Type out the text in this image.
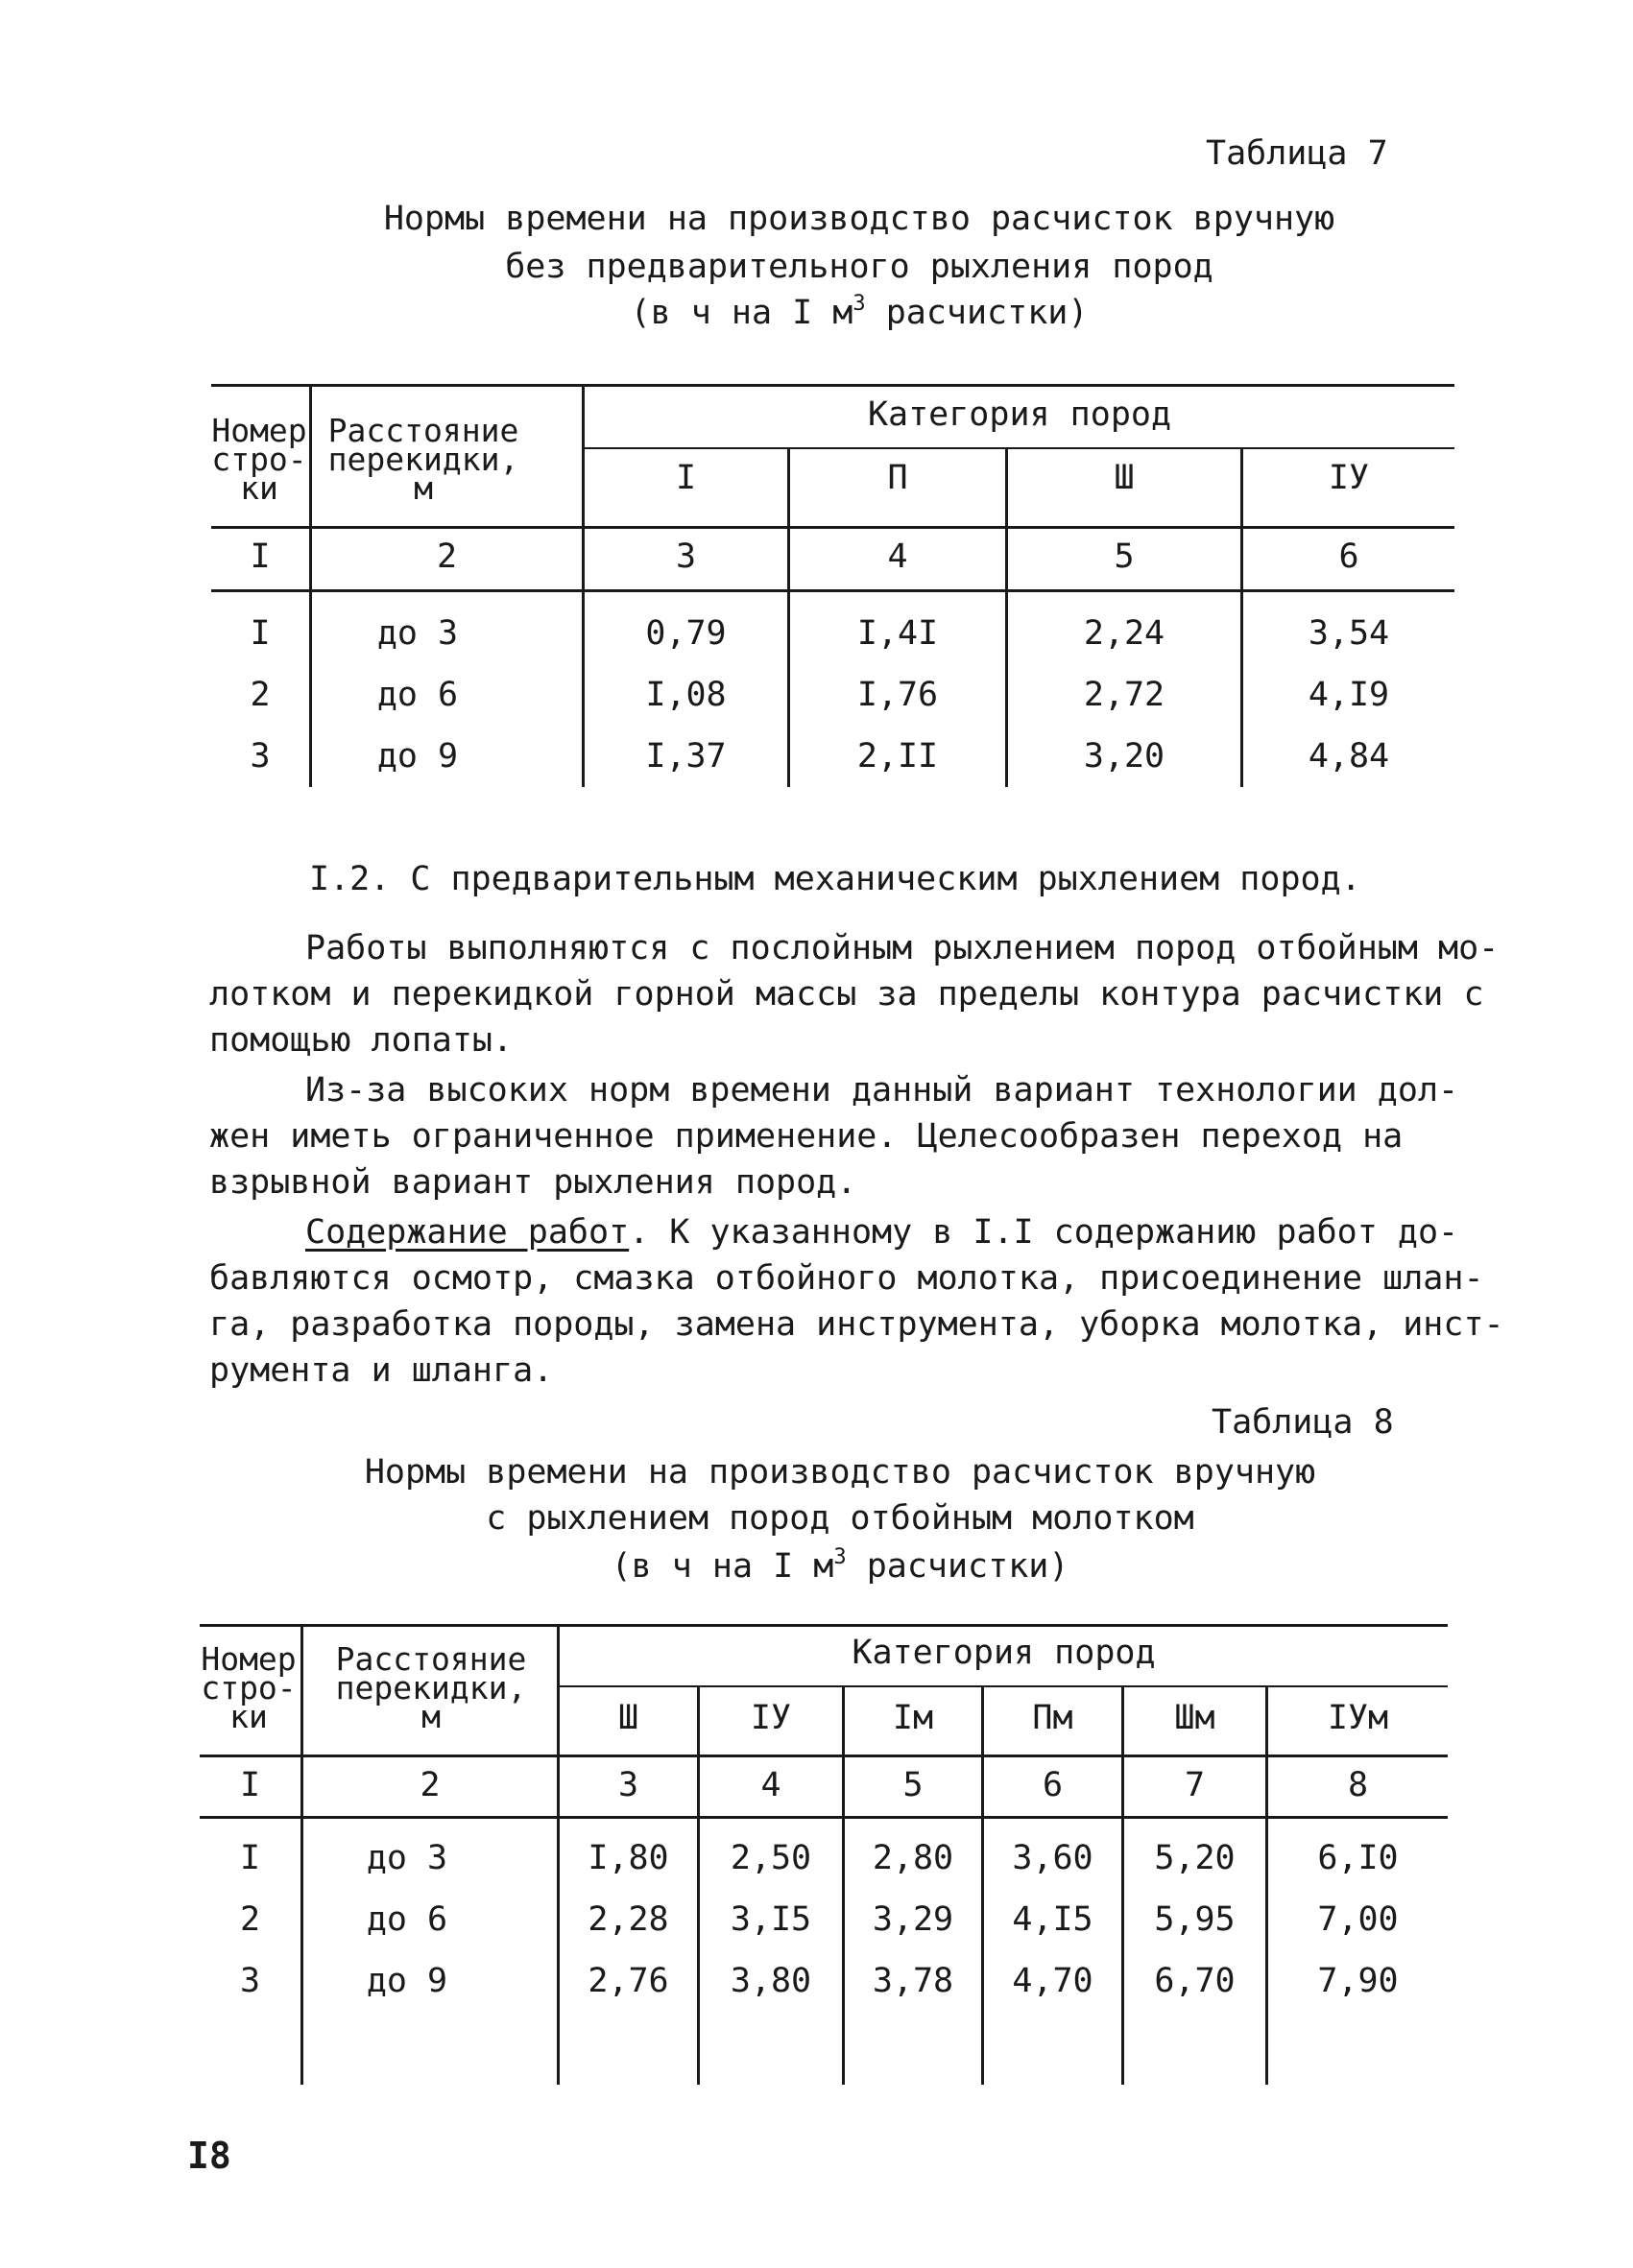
Таблица 7
Нормы времени на производство расчисток вручную
без предварительного рыхления пород
(в ч на I $м^3$ расчистки)
Номер
стро-
ки
Расстояние
перекидки,
м
Категория пород
I	П	Ш	IУ
I	2	3	4	5	6
I	до 3	0,79	I,4I	2,24	3,54
2	до 6	I,08	I,76	2,72	4,I9
3	до 9	I,37	2,II	3,20	4,84
I.2. С предварительным механическим рыхлением пород.
Работы выполняются с послойным рыхлением пород отбойным мо-
лотком и перекидкой горной массы за пределы контура расчистки с
помощью лопаты.
Из-за высоких норм времени данный вариант технологии дол-
жен иметь ограниченное применение. Целесообразен переход на
взрывной вариант рыхления пород.
Содержание работ. К указанному в I.I содержанию работ до-
бавляются осмотр, смазка отбойного молотка, присоединение шлан-
га, разработка породы, замена инструмента, уборка молотка, инст-
румента и шланга.
Таблица 8
Нормы времени на производство расчисток вручную
с рыхлением пород отбойным молотком
(в ч на I $м^3$ расчистки)
Номер
стро-
ки
Расстояние
перекидки,
м
Категория пород
Ш	IУ	Iм	Пм	Шм	IУм
I	2	3	4	5	6	7	8
I	до 3	I,80	2,50	2,80	3,60	5,20	6,I0
2	до 6	2,28	3,I5	3,29	4,I5	5,95	7,00
3	до 9	2,76	3,80	3,78	4,70	6,70	7,90
I8
